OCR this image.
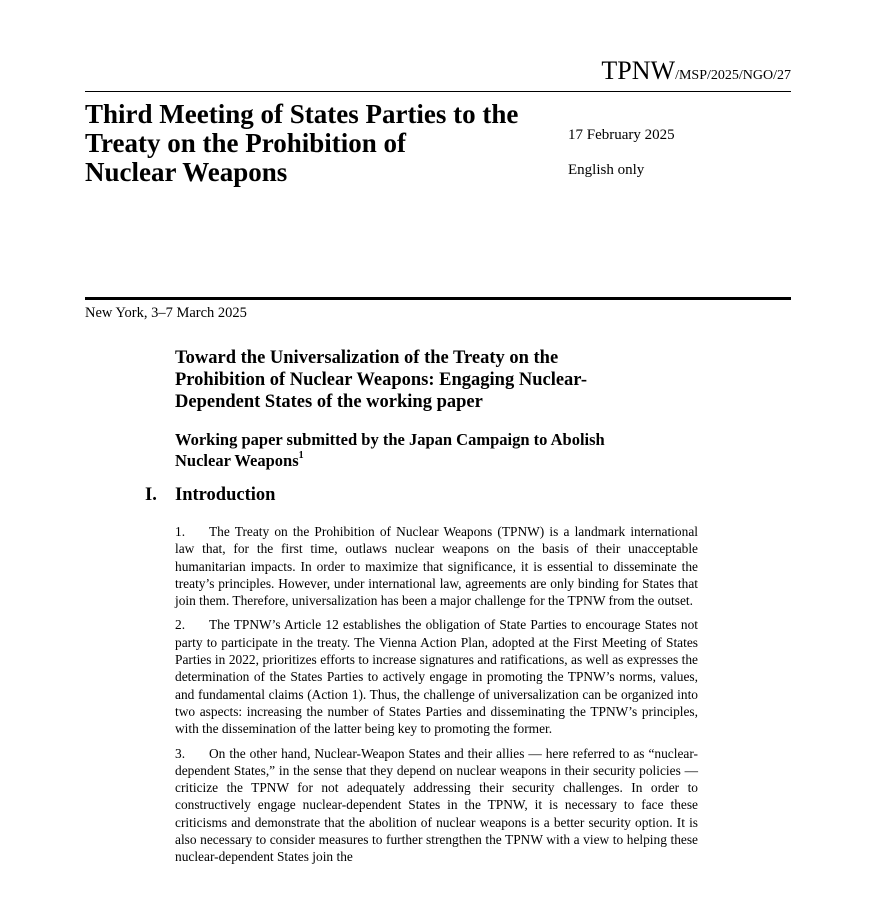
TPNW/MSP/2025/NGO/27
Third Meeting of States Parties to the
Treaty on the Prohibition of
Nuclear Weapons
17 February 2025
English only
New York, 3–7 March 2025
Toward the Universalization of the Treaty on the
Prohibition of Nuclear Weapons: Engaging Nuclear-
Dependent States of the working paper
Working paper submitted by the Japan Campaign to Abolish
Nuclear Weapons$^1$
I. Introduction

1. The Treaty on the Prohibition of Nuclear Weapons (TPNW) is a landmark international law that, for the first time, outlaws nuclear weapons on the basis of their unacceptable humanitarian impacts. In order to maximize that significance, it is essential to disseminate the treaty’s principles. However, under international law, agreements are only binding for States that join them. Therefore, universalization has been a major challenge for the TPNW from the outset.

2. The TPNW’s Article 12 establishes the obligation of State Parties to encourage States not party to participate in the treaty. The Vienna Action Plan, adopted at the First Meeting of States Parties in 2022, prioritizes efforts to increase signatures and ratifications, as well as expresses the determination of the States Parties to actively engage in promoting the TPNW’s norms, values, and fundamental claims (Action 1). Thus, the challenge of universalization can be organized into two aspects: increasing the number of States Parties and disseminating the TPNW’s principles, with the dissemination of the latter being key to promoting the former.

3. On the other hand, Nuclear-Weapon States and their allies — here referred to as “nuclear-dependent States,” in the sense that they depend on nuclear weapons in their security policies — criticize the TPNW for not adequately addressing their security challenges. In order to constructively engage nuclear-dependent States in the TPNW, it is necessary to face these criticisms and demonstrate that the abolition of nuclear weapons is a better security option. It is also necessary to consider measures to further strengthen the TPNW with a view to helping these nuclear-dependent States join the
